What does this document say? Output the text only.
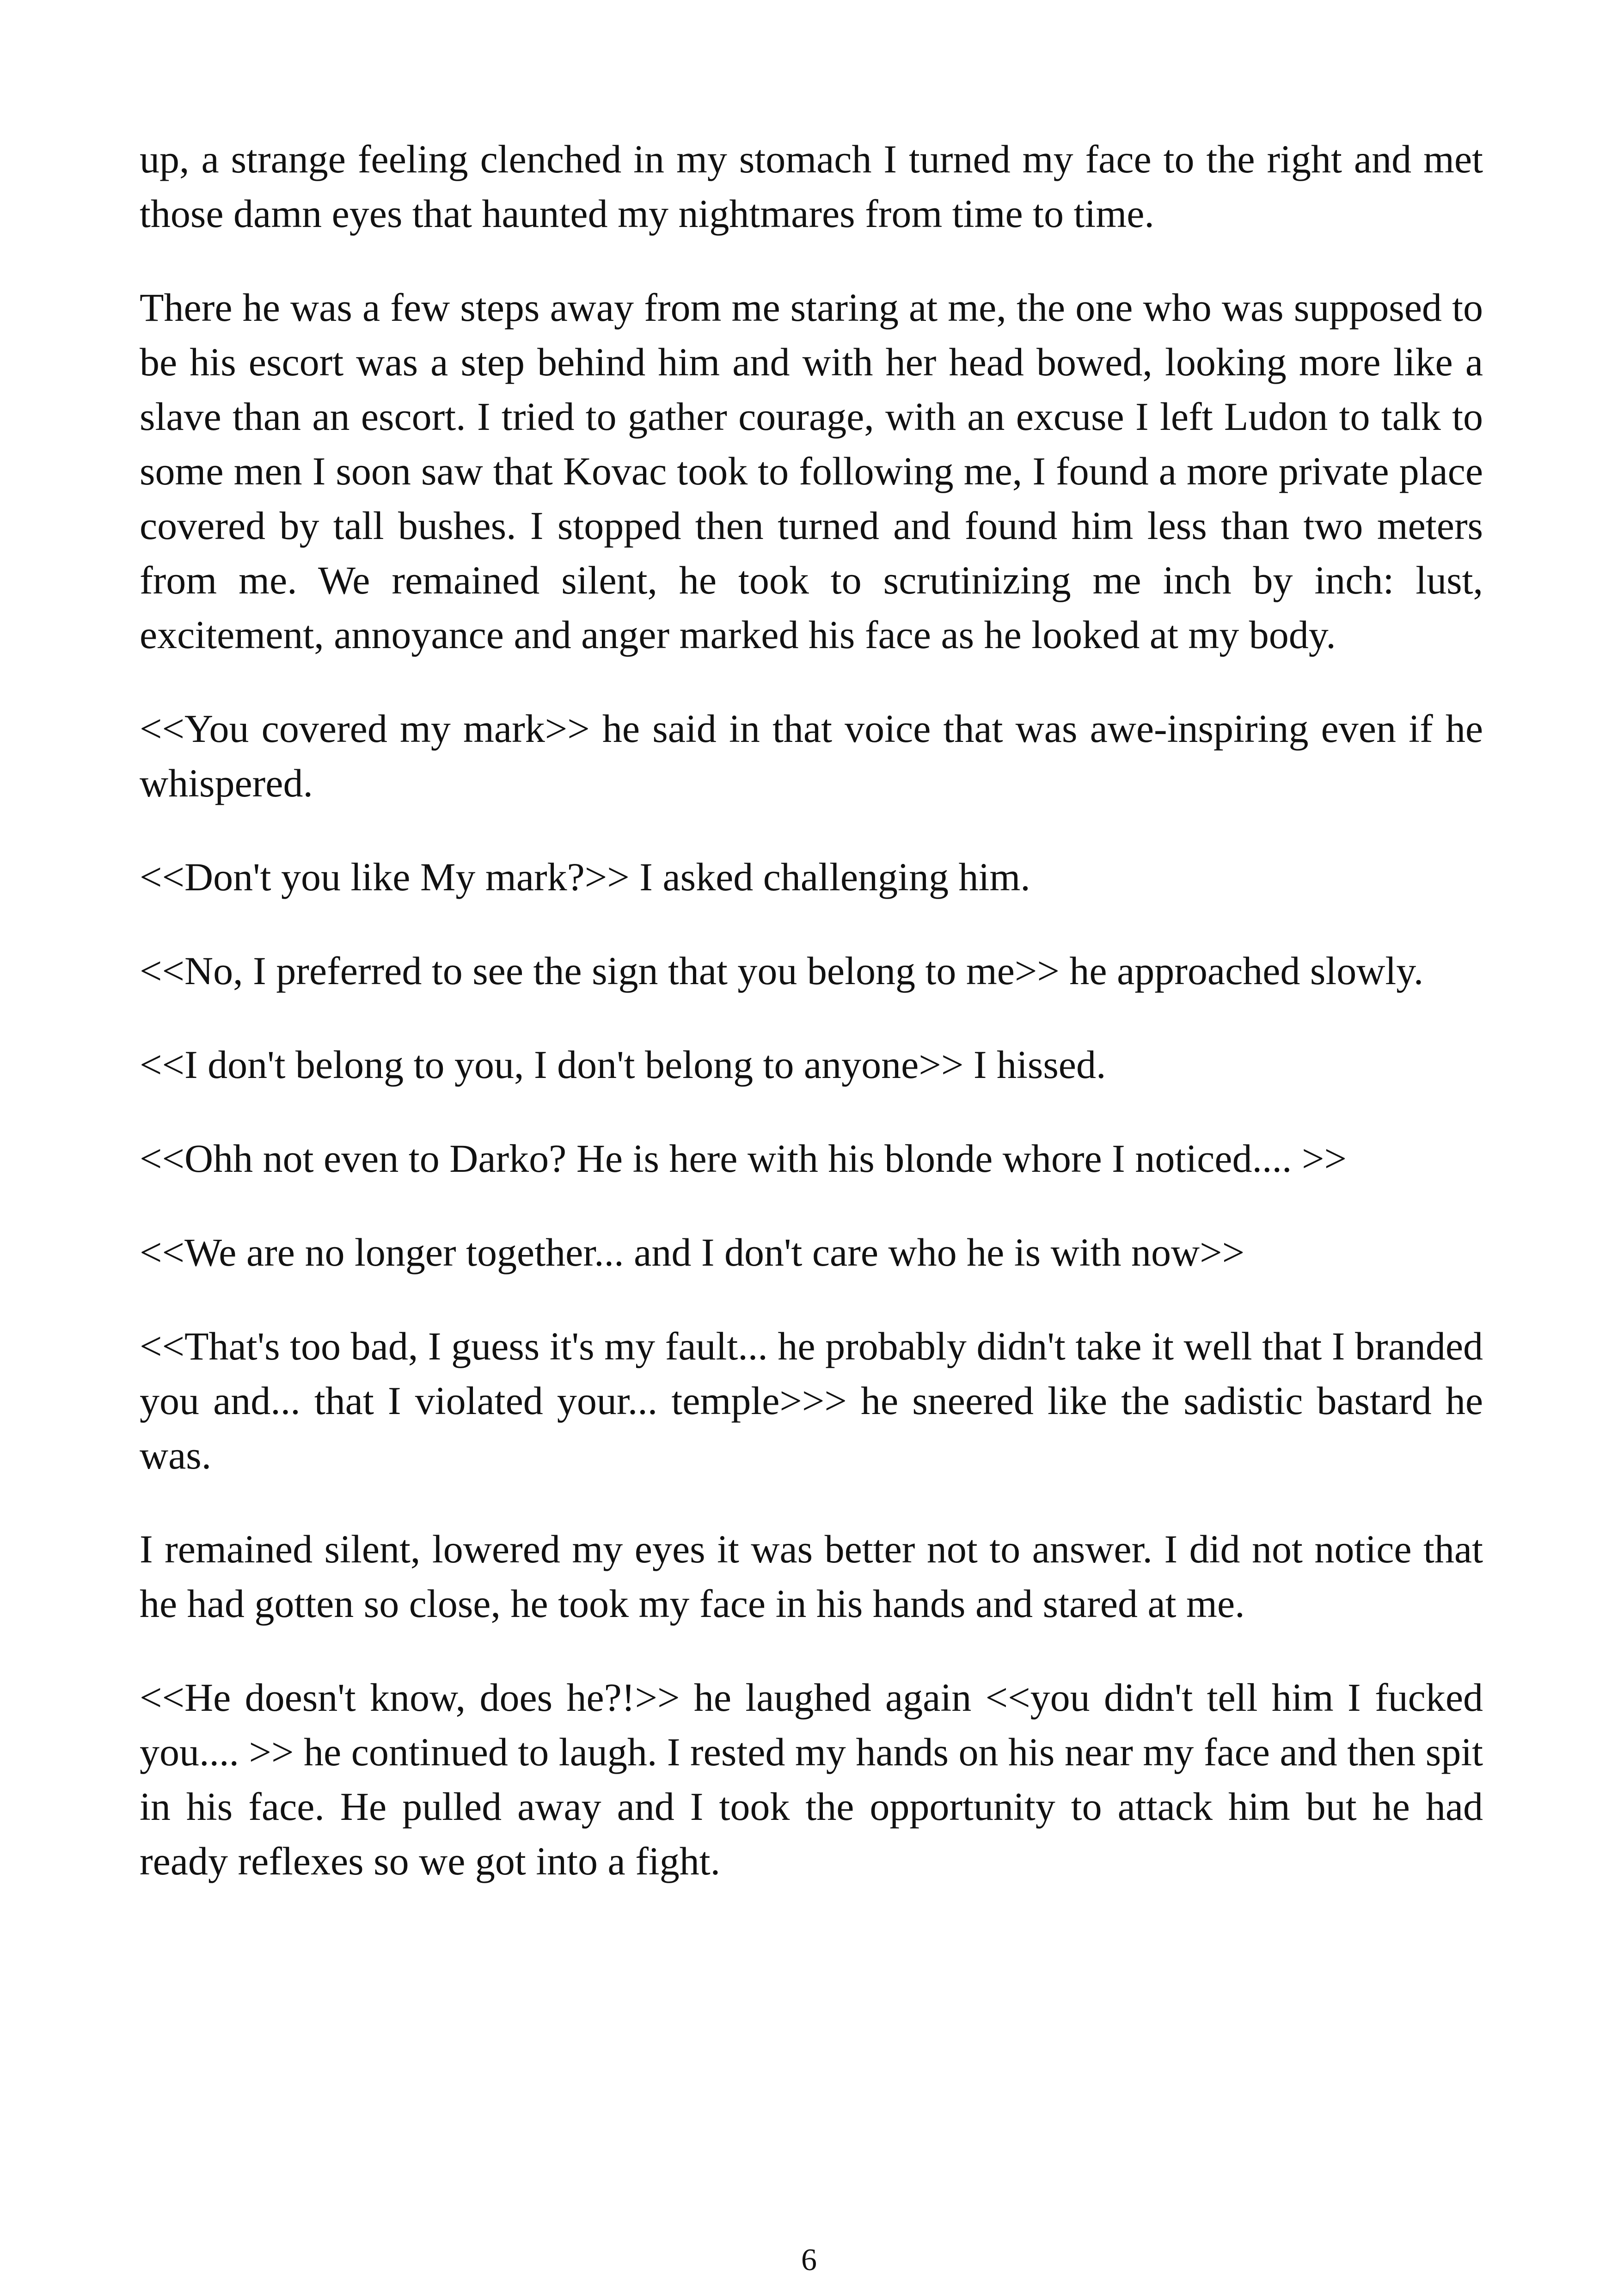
up, a strange feeling clenched in my stomach I turned my face to the right and met those damn eyes that haunted my nightmares from time to time.

There he was a few steps away from me staring at me, the one who was supposed to be his escort was a step behind him and with her head bowed, looking more like a slave than an escort. I tried to gather courage, with an excuse I left Ludon to talk to some men I soon saw that Kovac took to following me, I found a more private place covered by tall bushes. I stopped then turned and found him less than two meters from me. We remained silent, he took to scrutinizing me inch by inch: lust, excitement, annoyance and anger marked his face as he looked at my body.

<<You covered my mark>> he said in that voice that was awe-inspiring even if he whispered.

<<Don't you like My mark?>> I asked challenging him.

<<No, I preferred to see the sign that you belong to me>> he approached slowly.

<<I don't belong to you, I don't belong to anyone>> I hissed.

<<Ohh not even to Darko? He is here with his blonde whore I noticed.... >>

<<We are no longer together... and I don't care who he is with now>>

<<That's too bad, I guess it's my fault... he probably didn't take it well that I branded you and... that I violated your... temple>>> he sneered like the sadistic bastard he was.

I remained silent, lowered my eyes it was better not to answer. I did not notice that he had gotten so close, he took my face in his hands and stared at me.

<<He doesn't know, does he?!>> he laughed again <<you didn't tell him I fucked you.... >> he continued to laugh. I rested my hands on his near my face and then spit in his face. He pulled away and I took the opportunity to attack him but he had ready reflexes so we got into a fight.

6
